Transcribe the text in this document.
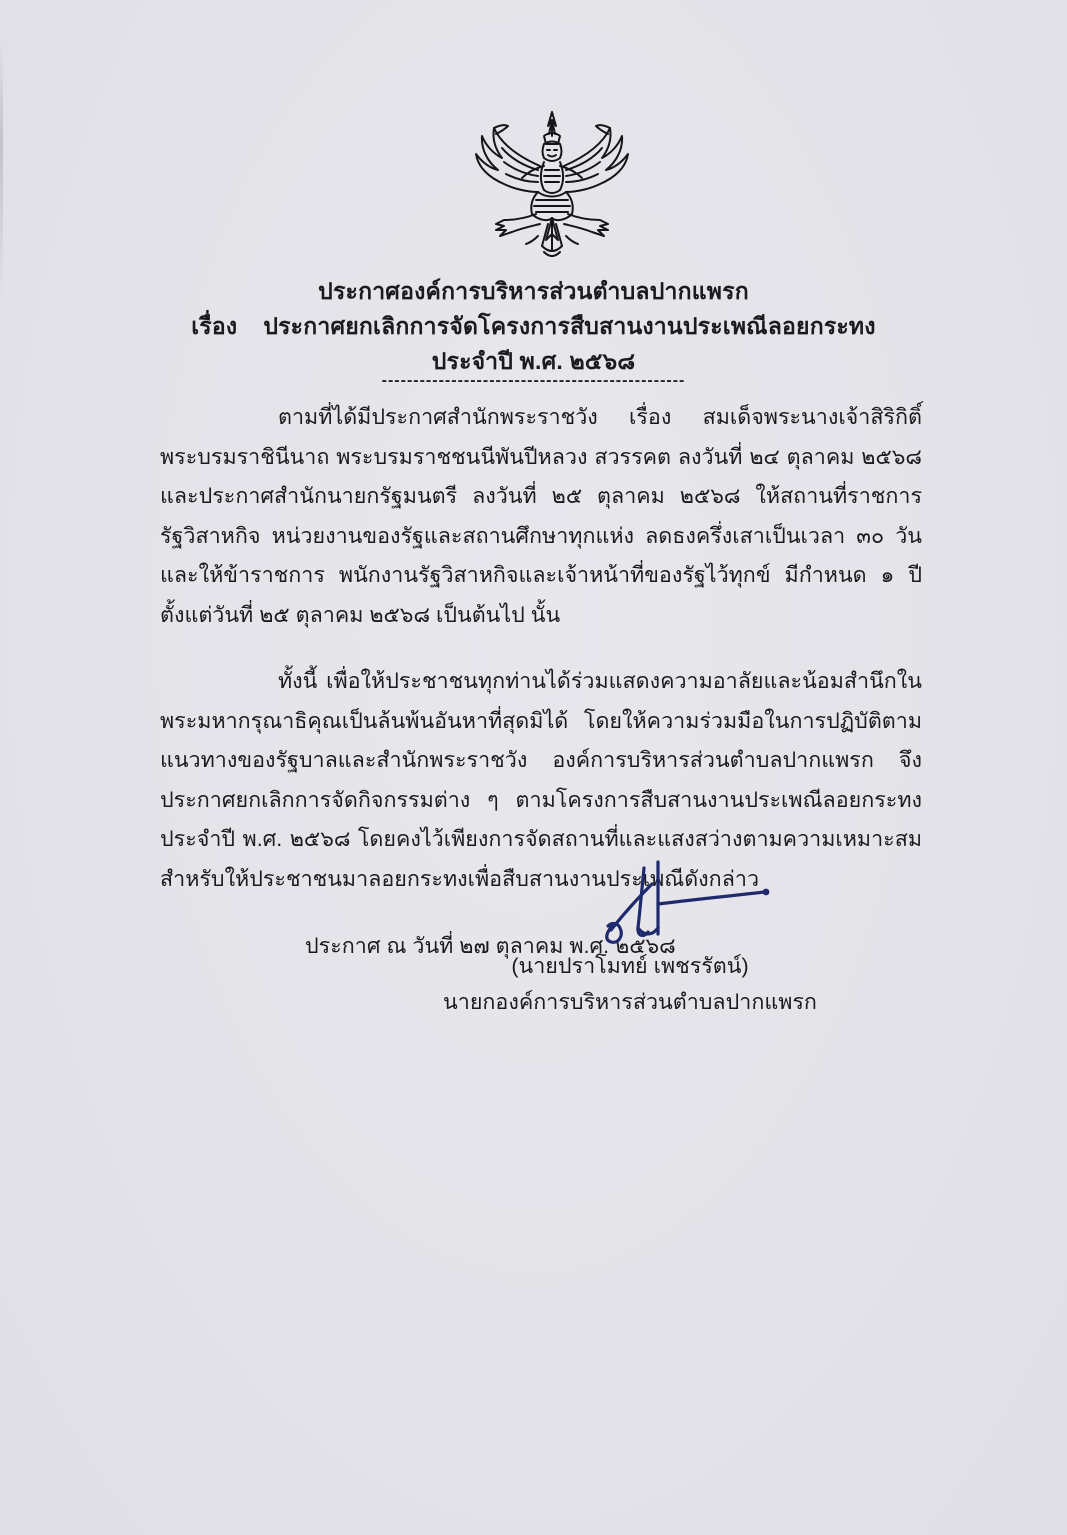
ประกาศองค์การบริหารส่วนตำบลปากแพรก
เรื่อง ประกาศยกเลิกการจัดโครงการสืบสานงานประเพณีลอยกระทง
ประจำปี พ.ศ. ๒๕๖๘
------------------------------------------------

ตามที่ได้มีประกาศสำนักพระราชวัง เรื่อง สมเด็จพระนางเจ้าสิริกิติ์ พระบรมราชินีนาถ พระบรมราชชนนีพันปีหลวง สวรรคต ลงวันที่ ๒๔ ตุลาคม ๒๕๖๘ และประกาศสำนักนายกรัฐมนตรี ลงวันที่ ๒๕ ตุลาคม ๒๕๖๘ ให้สถานที่ราชการ รัฐวิสาหกิจ หน่วยงานของรัฐและสถานศึกษาทุกแห่ง ลดธงครึ่งเสาเป็นเวลา ๓๐ วันและให้ข้าราชการ พนักงานรัฐวิสาหกิจและเจ้าหน้าที่ของรัฐไว้ทุกข์ มีกำหนด ๑ ปี ตั้งแต่วันที่ ๒๕ ตุลาคม ๒๕๖๘ เป็นต้นไป นั้น

ทั้งนี้ เพื่อให้ประชาชนทุกท่านได้ร่วมแสดงความอาลัยและน้อมสำนึกในพระมหากรุณาธิคุณเป็นล้นพ้นอันหาที่สุดมิได้ โดยให้ความร่วมมือในการปฏิบัติตามแนวทางของรัฐบาลและสำนักพระราชวัง องค์การบริหารส่วนตำบลปากแพรก จึงประกาศยกเลิกการจัดกิจกรรมต่าง ๆ ตามโครงการสืบสานงานประเพณีลอยกระทง ประจำปี พ.ศ. ๒๕๖๘ โดยคงไว้เพียงการจัดสถานที่และแสงสว่างตามความเหมาะสมสำหรับให้ประชาชนมาลอยกระทงเพื่อสืบสานงานประเพณีดังกล่าว

ประกาศ ณ วันที่ ๒๗ ตุลาคม พ.ศ. ๒๕๖๘
(นายปราโมทย์ เพชรรัตน์)
นายกองค์การบริหารส่วนตำบลปากแพรก
